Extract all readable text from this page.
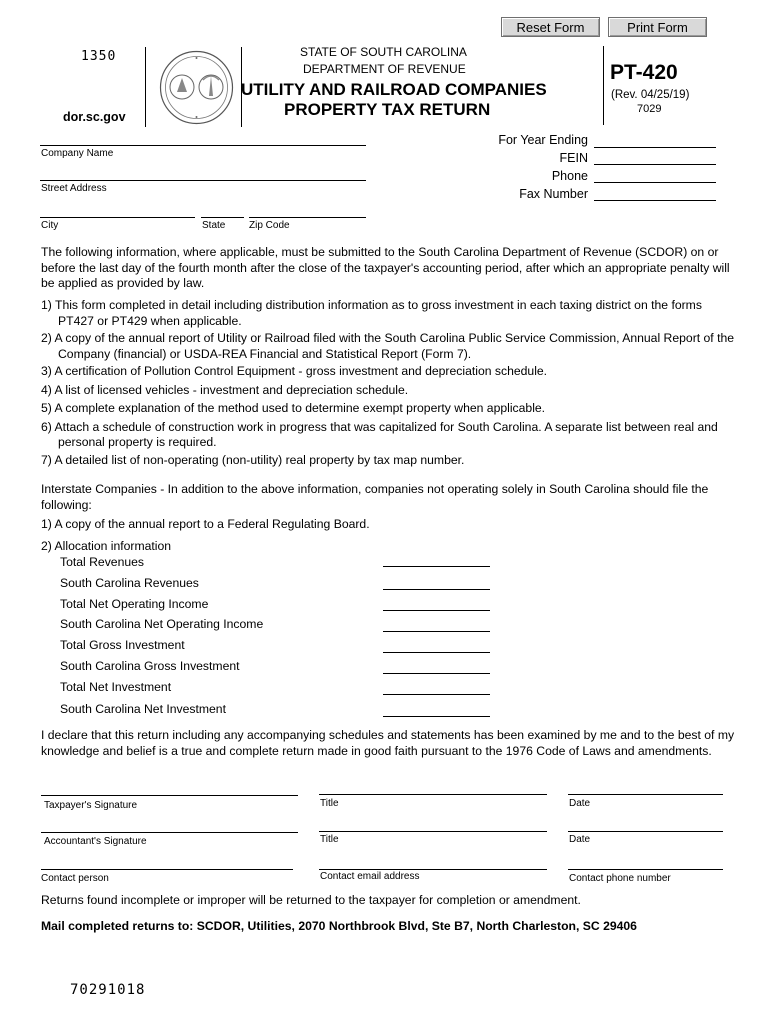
Reset Form	Print Form
1350
dor.sc.gov
STATE OF SOUTH CAROLINA
DEPARTMENT OF REVENUE
UTILITY AND RAILROAD COMPANIES
PROPERTY TAX RETURN
PT-420
(Rev. 04/25/19)
7029
Company Name
Street Address
City	State Zip Code
For Year Ending
FEIN
Phone
Fax Number
The following information, where applicable, must be submitted to the South Carolina Department of Revenue (SCDOR) on or before the last day of the fourth month after the close of the taxpayer's accounting period, after which an appropriate penalty will be applied as provided by law.
1) This form completed in detail including distribution information as to gross investment in each taxing district on the forms PT427 or PT429 when applicable.
2) A copy of the annual report of Utility or Railroad filed with the South Carolina Public Service Commission, Annual Report of the Company (financial) or USDA-REA Financial and Statistical Report (Form 7).
3) A certification of Pollution Control Equipment - gross investment and depreciation schedule.
4) A list of licensed vehicles - investment and depreciation schedule.
5) A complete explanation of the method used to determine exempt property when applicable.
6) Attach a schedule of construction work in progress that was capitalized for South Carolina. A separate list between real and personal property is required.
7) A detailed list of non-operating (non-utility) real property by tax map number.
Interstate Companies - In addition to the above information, companies not operating solely in South Carolina should file the following:
1) A copy of the annual report to a Federal Regulating Board.
2) Allocation information
Total Revenues
South Carolina Revenues
Total Net Operating Income
South Carolina Net Operating Income
Total Gross Investment
South Carolina Gross Investment
Total Net Investment
South Carolina Net Investment
I declare that this return including any accompanying schedules and statements has been examined by me and to the best of my knowledge and belief is a true and complete return made in good faith pursuant to the 1976 Code of Laws and amendments.
Taxpayer's Signature	Title	Date
Accountant's Signature	Title	Date
Contact person	Contact email address	Contact phone number
Returns found incomplete or improper will be returned to the taxpayer for completion or amendment.
Mail completed returns to: SCDOR, Utilities, 2070 Northbrook Blvd, Ste B7, North Charleston, SC 29406
70291018
